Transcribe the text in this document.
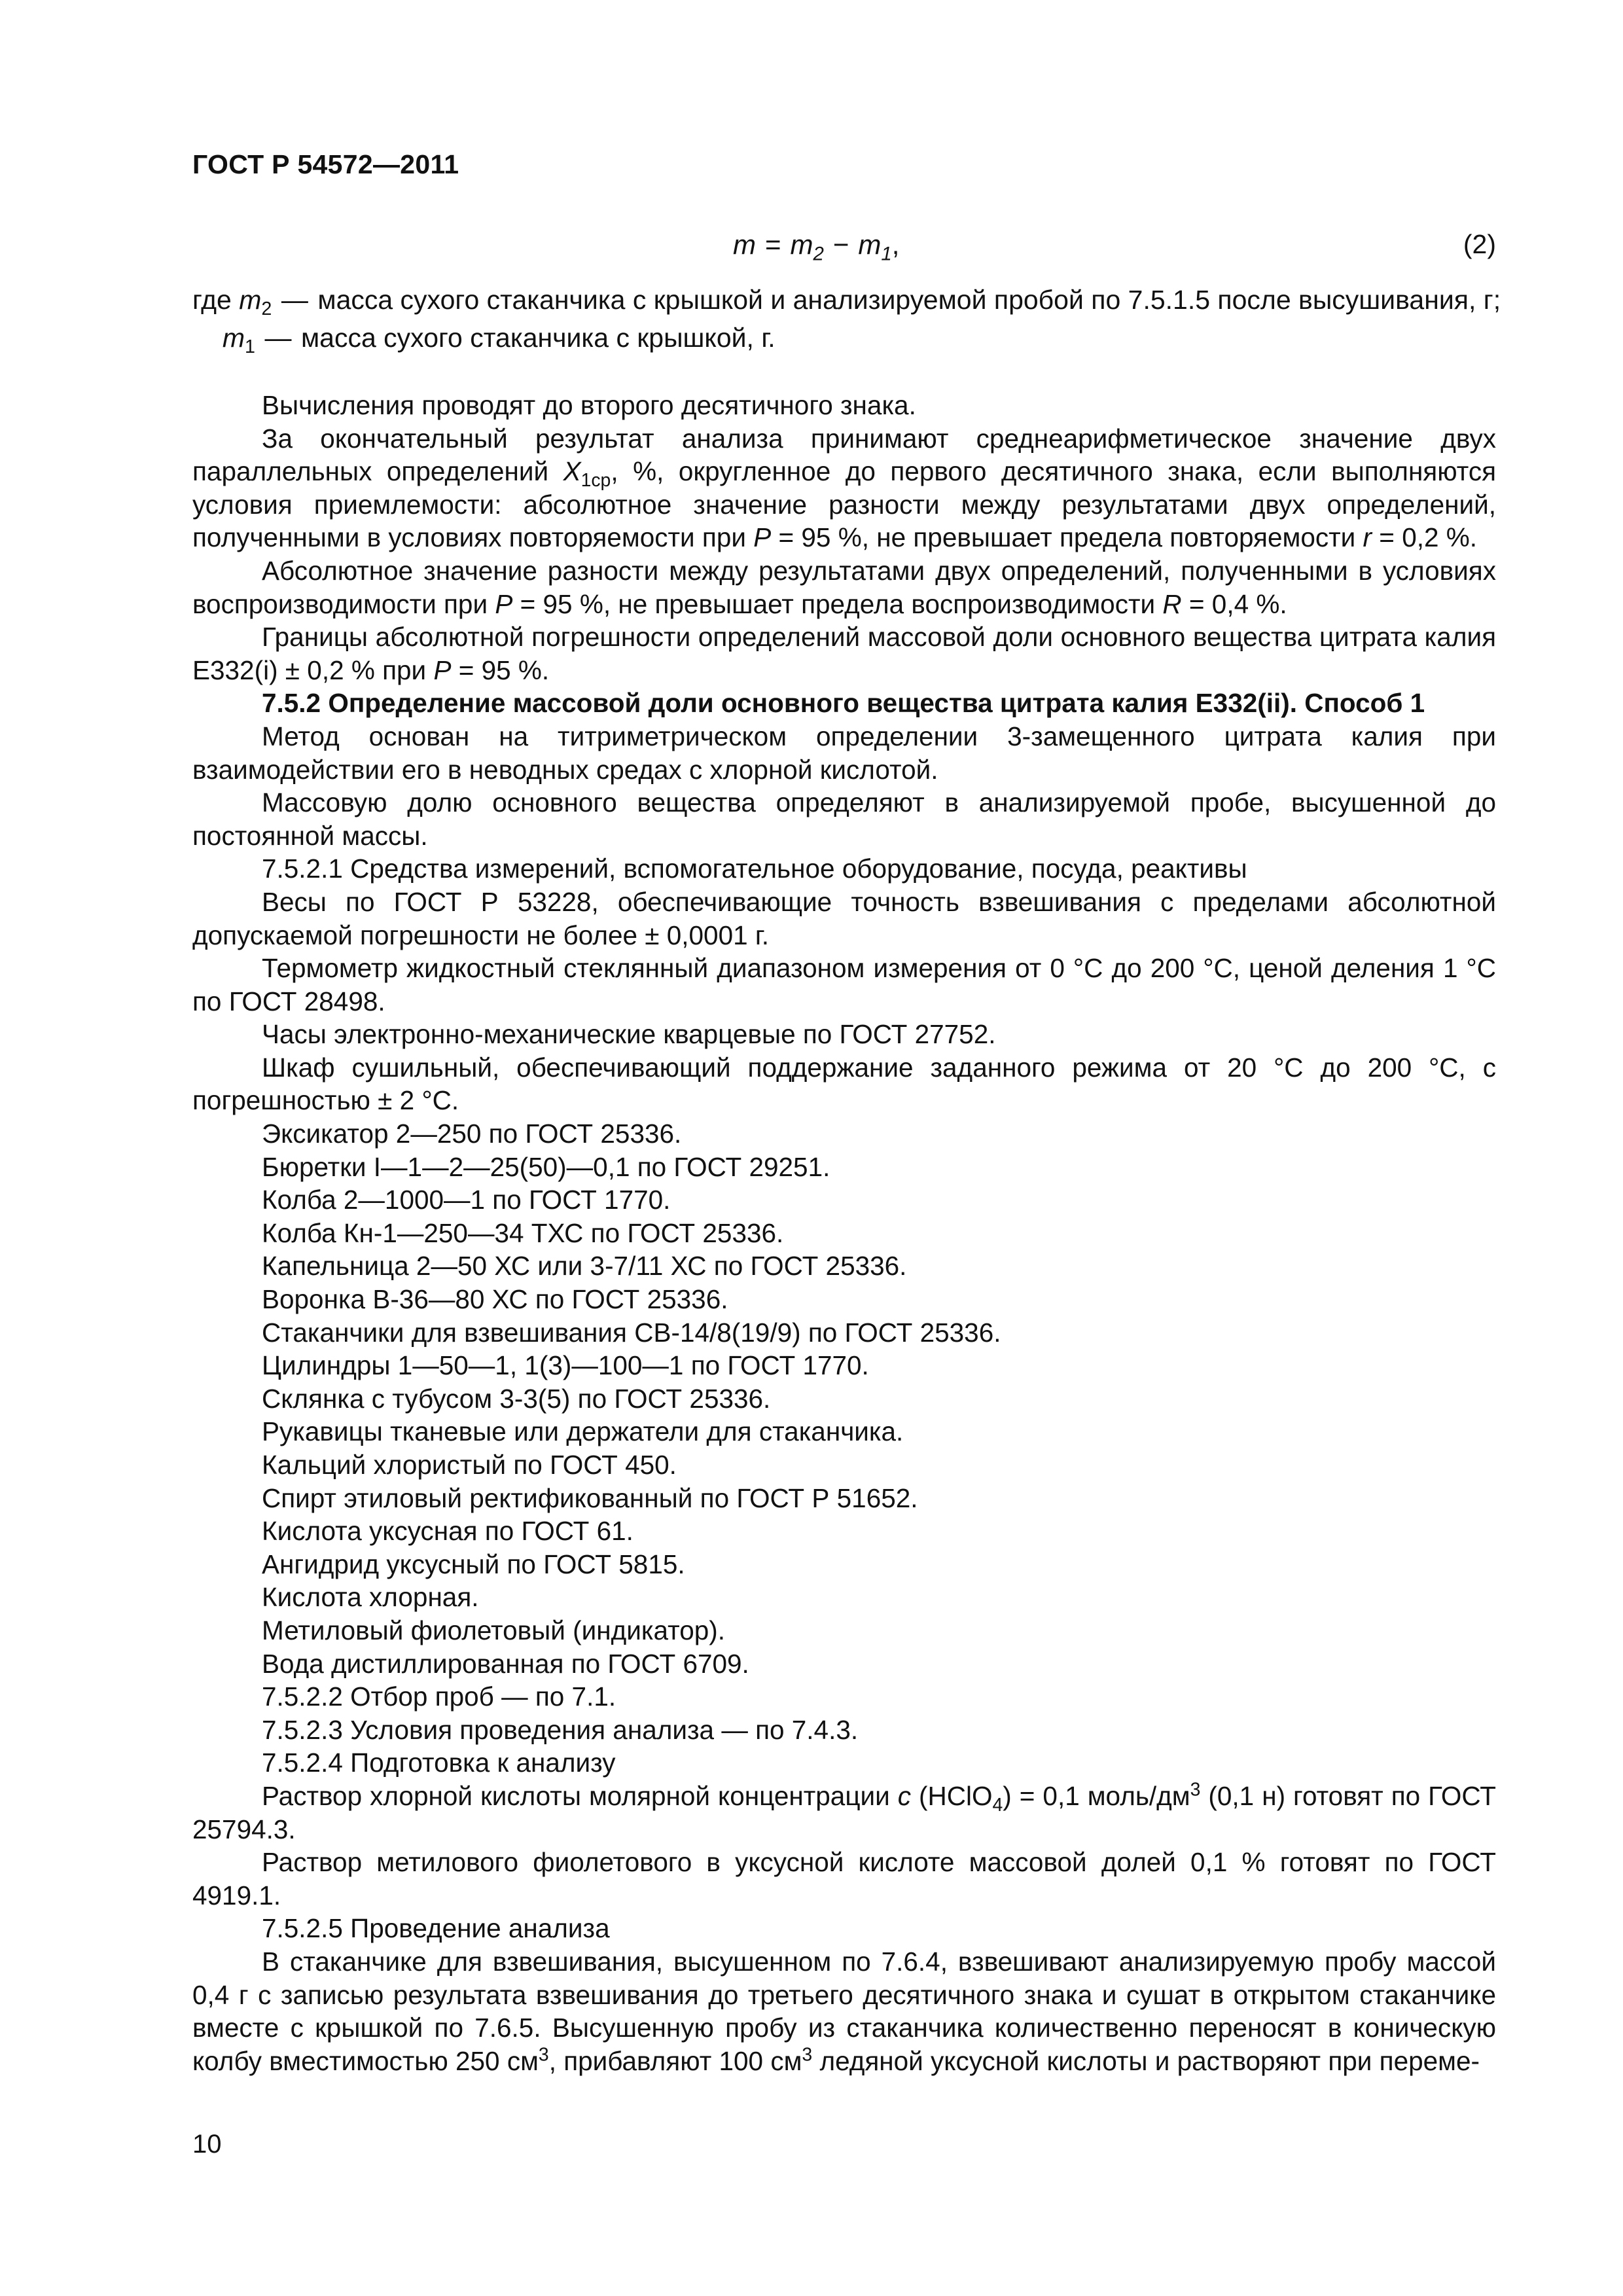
ГОСТ Р 54572—2011
$m = m_2 - m_1$,	(2)
где $m_2$ — масса сухого стаканчика с крышкой и анализируемой пробой по 7.5.1.5 после высушивания, г;
$m_1$ — масса сухого стаканчика с крышкой, г.

Вычисления проводят до второго десятичного знака.

За окончательный результат анализа принимают среднеарифметическое значение двух параллельных определений $X_{1ср}$, %, округленное до первого десятичного знака, если выполняются условия приемлемости: абсолютное значение разности между результатами двух определений, полученными в условиях повторяемости при P = 95 %, не превышает предела повторяемости r = 0,2 %.

Абсолютное значение разности между результатами двух определений, полученными в условиях воспроизводимости при P = 95 %, не превышает предела воспроизводимости R = 0,4 %.

Границы абсолютной погрешности определений массовой доли основного вещества цитрата калия Е332(i) ± 0,2 % при P = 95 %.

7.5.2 Определение массовой доли основного вещества цитрата калия Е332(ii). Способ 1

Метод основан на титриметрическом определении 3-замещенного цитрата калия при взаимодействии его в неводных средах с хлорной кислотой.

Массовую долю основного вещества определяют в анализируемой пробе, высушенной до постоянной массы.

7.5.2.1 Средства измерений, вспомогательное оборудование, посуда, реактивы

Весы по ГОСТ Р 53228, обеспечивающие точность взвешивания с пределами абсолютной допускаемой погрешности не более ± 0,0001 г.

Термометр жидкостный стеклянный диапазоном измерения от 0 °С до 200 °С, ценой деления 1 °С по ГОСТ 28498.

Часы электронно-механические кварцевые по ГОСТ 27752.

Шкаф сушильный, обеспечивающий поддержание заданного режима от 20 °С до 200 °С, с погрешностью ± 2 °С.

Эксикатор 2—250 по ГОСТ 25336.

Бюретки I—1—2—25(50)—0,1 по ГОСТ 29251.

Колба 2—1000—1 по ГОСТ 1770.

Колба Кн-1—250—34 ТХС по ГОСТ 25336.

Капельница 2—50 ХС или 3-7/11 ХС по ГОСТ 25336.

Воронка В-36—80 ХС по ГОСТ 25336.

Стаканчики для взвешивания СВ-14/8(19/9) по ГОСТ 25336.

Цилиндры 1—50—1, 1(3)—100—1 по ГОСТ 1770.

Склянка с тубусом 3-3(5) по ГОСТ 25336.

Рукавицы тканевые или держатели для стаканчика.

Кальций хлористый по ГОСТ 450.

Спирт этиловый ректификованный по ГОСТ Р 51652.

Кислота уксусная по ГОСТ 61.

Ангидрид уксусный по ГОСТ 5815.

Кислота хлорная.

Метиловый фиолетовый (индикатор).

Вода дистиллированная по ГОСТ 6709.

7.5.2.2 Отбор проб — по 7.1.

7.5.2.3 Условия проведения анализа — по 7.4.3.

7.5.2.4 Подготовка к анализу

Раствор хлорной кислоты молярной концентрации с (HClO$_4$) = 0,1 моль/$дм^3$ (0,1 н) готовят по ГОСТ 25794.3.

Раствор метилового фиолетового в уксусной кислоте массовой долей 0,1 % готовят по ГОСТ 4919.1.

7.5.2.5 Проведение анализа

В стаканчике для взвешивания, высушенном по 7.6.4, взвешивают анализируемую пробу массой 0,4 г с записью результата взвешивания до третьего десятичного знака и сушат в открытом стаканчике вместе с крышкой по 7.6.5. Высушенную пробу из стаканчика количественно переносят в коническую колбу вместимостью 250 $см^3$, прибавляют 100 $см^3$ ледяной уксусной кислоты и растворяют при переме-

10
